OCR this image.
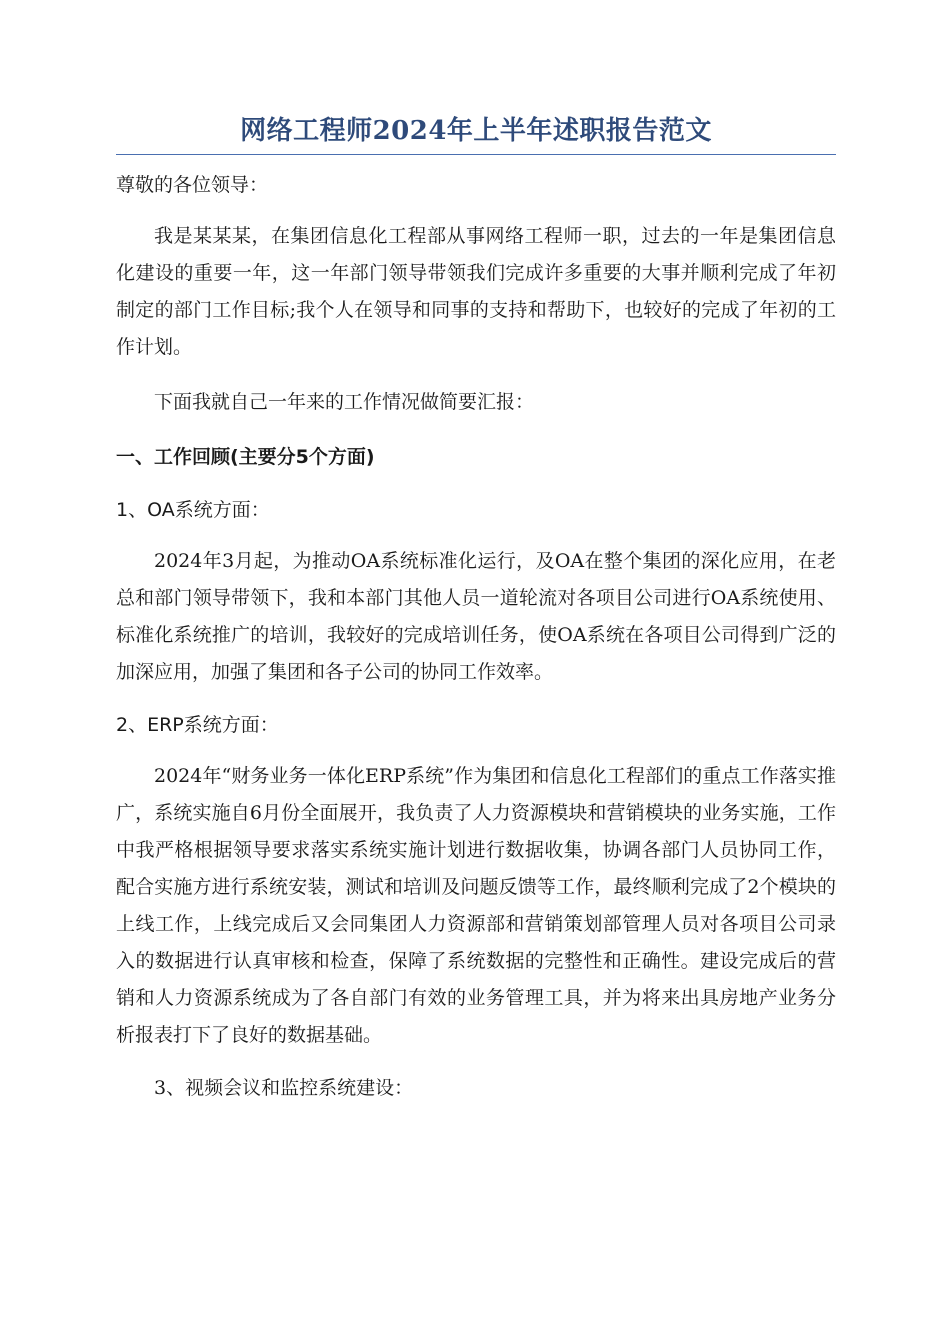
网络工程师2024年上半年述职报告范文

尊敬的各位领导：

我是某某某，在集团信息化工程部从事网络工程师一职，过去的一年是集团信息化建设的重要一年，这一年部门领导带领我们完成许多重要的大事并顺利完成了年初制定的部门工作目标;我个人在领导和同事的支持和帮助下，也较好的完成了年初的工作计划。

下面我就自己一年来的工作情况做简要汇报：

一、工作回顾(主要分5个方面)

1、OA系统方面：

2024年3月起，为推动OA系统标准化运行，及OA在整个集团的深化应用，在老总和部门领导带领下，我和本部门其他人员一道轮流对各项目公司进行OA系统使用、标准化系统推广的培训，我较好的完成培训任务，使OA系统在各项目公司得到广泛的加深应用，加强了集团和各子公司的协同工作效率。

2、ERP系统方面：

2024年“财务业务一体化ERP系统”作为集团和信息化工程部们的重点工作落实推广，系统实施自6月份全面展开，我负责了人力资源模块和营销模块的业务实施，工作中我严格根据领导要求落实系统实施计划进行数据收集，协调各部门人员协同工作，配合实施方进行系统安装，测试和培训及问题反馈等工作，最终顺利完成了2个模块的上线工作，上线完成后又会同集团人力资源部和营销策划部管理人员对各项目公司录入的数据进行认真审核和检查，保障了系统数据的完整性和正确性。建设完成后的营销和人力资源系统成为了各自部门有效的业务管理工具，并为将来出具房地产业务分析报表打下了良好的数据基础。

3、视频会议和监控系统建设：
